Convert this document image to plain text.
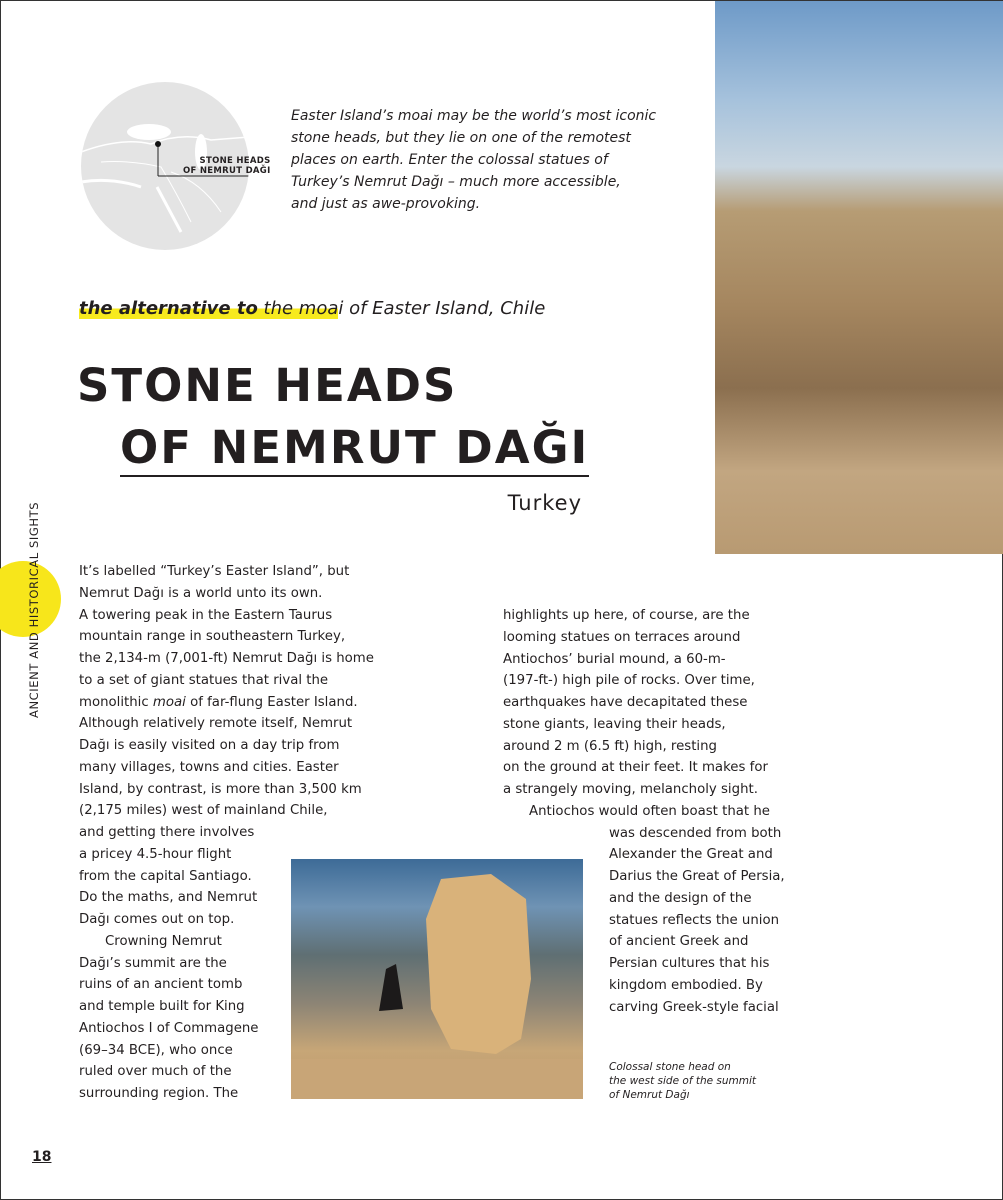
STONE HEADS
OF NEMRUT DAĞI
Easter Island’s moai may be the world’s most iconic
stone heads, but they lie on one of the remotest
places on earth. Enter the colossal statues of
Turkey’s Nemrut Dağı – much more accessible,
and just as awe-provoking.
the alternative to the moai of Easter Island, Chile
STONE HEADS
OF NEMRUT DAĞI
Turkey
ANCIENT AND HISTORICAL SIGHTS	It’s labelled “Turkey’s Easter Island”, but
Nemrut Dağı is a world unto its own.
A towering peak in the Eastern Taurus
mountain range in southeastern Turkey,
the 2,134-m (7,001-ft) Nemrut Dağı is home
to a set of giant statues that rival the
monolithic moai of far-flung Easter Island.
Although relatively remote itself, Nemrut
Dağı is easily visited on a day trip from
many villages, towns and cities. Easter
Island, by contrast, is more than 3,500 km
(2,175 miles) west of mainland Chile,
and getting there involves
a pricey 4.5-hour flight
from the capital Santiago.
Do the maths, and Nemrut
Dağı comes out on top.
Crowning Nemrut
Dağı’s summit are the
ruins of an ancient tomb
and temple built for King
Antiochos I of Commagene
(69–34 BCE), who once
ruled over much of the
surrounding region. The
highlights up here, of course, are the
looming statues on terraces around
Antiochos’ burial mound, a 60-m-
(197-ft-) high pile of rocks. Over time,
earthquakes have decapitated these
stone giants, leaving their heads,
around 2 m (6.5 ft) high, resting
on the ground at their feet. It makes for
a strangely moving, melancholy sight.
Antiochos would often boast that he
was descended from both
Alexander the Great and
Darius the Great of Persia,
and the design of the
statues reflects the union
of ancient Greek and
Persian cultures that his
kingdom embodied. By
carving Greek-style facial
Colossal stone head on
the west side of the summit
of Nemrut Dağı
18
